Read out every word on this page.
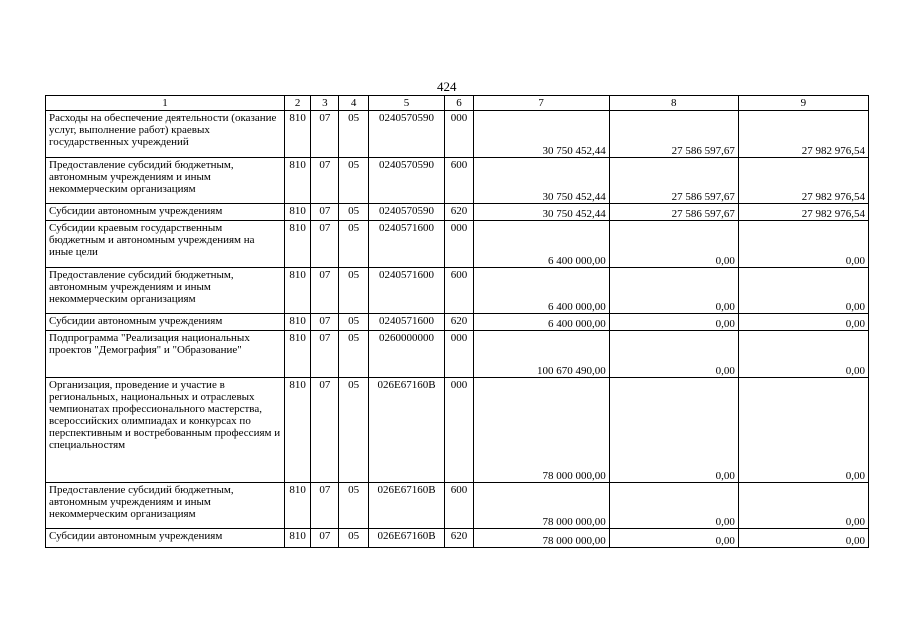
424
1	2	3	4	5	6	7	8	9
Расходы на обеспечение деятельности (оказание услуг, выполнение работ) краевых государственных учреждений	810	07	05	0240570590	000	30 750 452,44	27 586 597,67	27 982 976,54
Предоставление субсидий бюджетным, автономным учреждениям и иным некоммерческим организациям	810	07	05	0240570590	600	30 750 452,44	27 586 597,67	27 982 976,54
Субсидии автономным учреждениям	810	07	05	0240570590	620	30 750 452,44	27 586 597,67	27 982 976,54
Субсидии краевым государственным бюджетным и автономным учреждениям на иные цели	810	07	05	0240571600	000	6 400 000,00	0,00	0,00
Предоставление субсидий бюджетным, автономным учреждениям и иным некоммерческим организациям	810	07	05	0240571600	600	6 400 000,00	0,00	0,00
Субсидии автономным учреждениям	810	07	05	0240571600	620	6 400 000,00	0,00	0,00
Подпрограмма "Реализация национальных проектов "Демография" и "Образование"	810	07	05	0260000000	000	100 670 490,00	0,00	0,00
Организация, проведение и участие в региональных, национальных и отраслевых чемпионатах профессионального мастерства, всероссийских олимпиадах и конкурсах по перспективным и востребованным профессиям и специальностям	810	07	05	026E67160B	000	78 000 000,00	0,00	0,00
Предоставление субсидий бюджетным, автономным учреждениям и иным некоммерческим организациям	810	07	05	026E67160B	600	78 000 000,00	0,00	0,00
Субсидии автономным учреждениям	810	07	05	026E67160B	620	78 000 000,00	0,00	0,00
